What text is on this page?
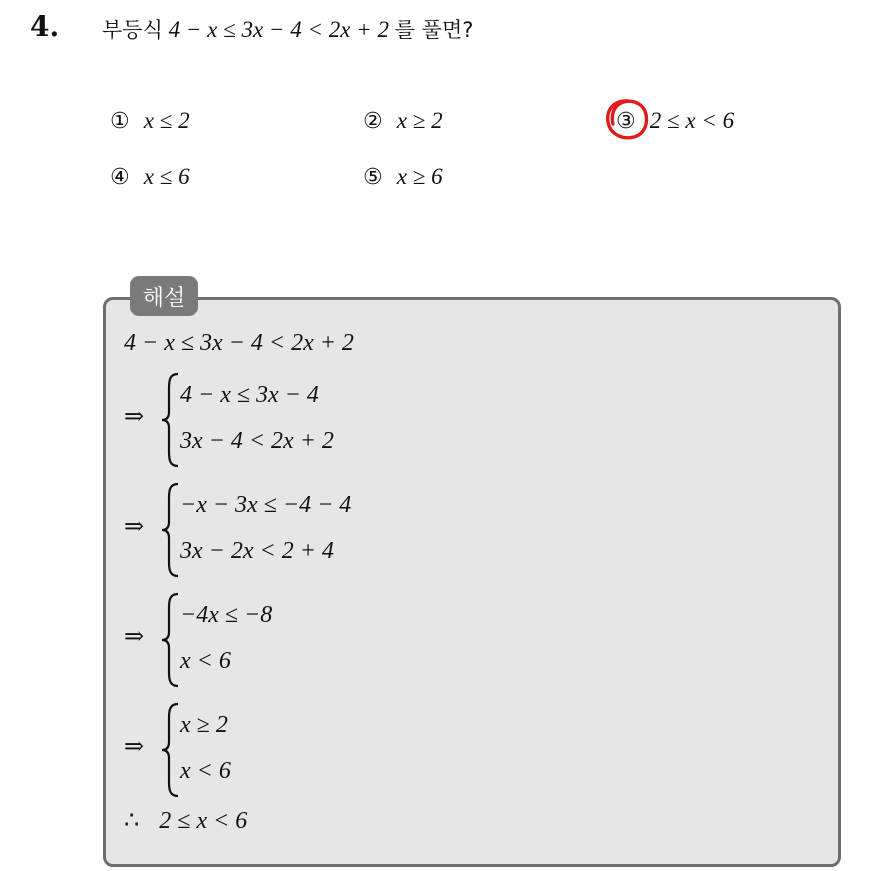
4. 부등식 4 − x ≤ 3x − 4 < 2x + 2 를 풀면?
① x ≤ 2	② x ≥ 2	③ 2 ≤ x < 6
④ x ≤ 6	⑤ x ≥ 6
해설
4 − x ≤ 3x − 4 < 2x + 2
⇒
4 − x ≤ 3x − 4
3x − 4 < 2x + 2
⇒
−x − 3x ≤ −4 − 4
3x − 2x < 2 + 4
⇒
−4x ≤ −8
x < 6
⇒
x ≥ 2
x < 6
∴ 2 ≤ x < 6
